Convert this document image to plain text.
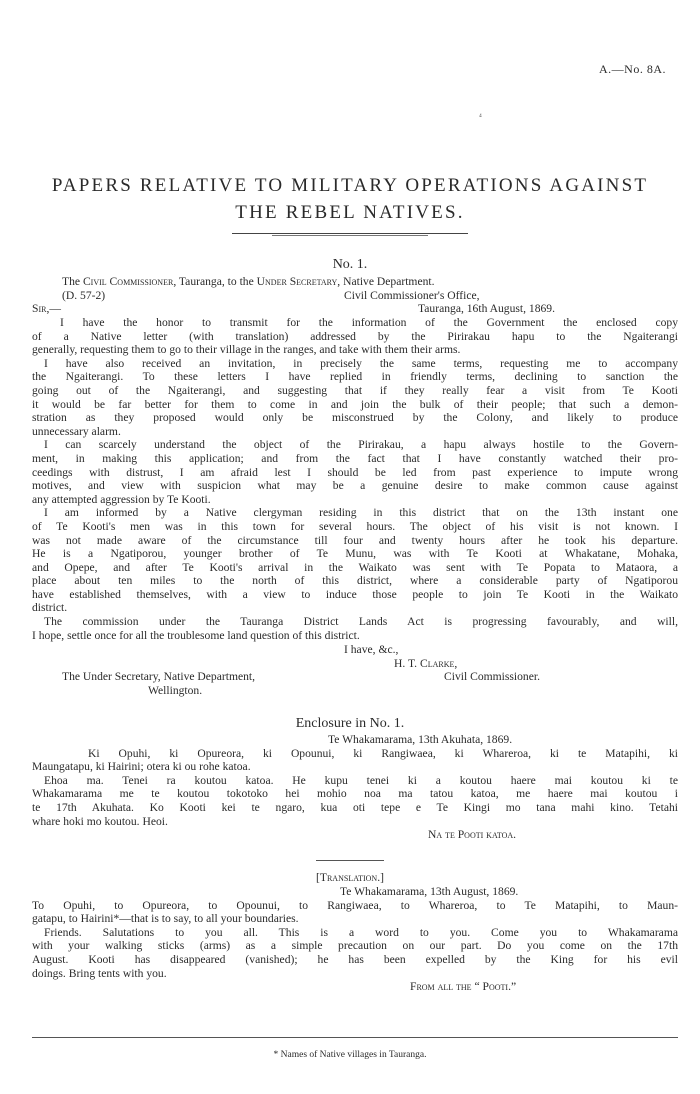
A.—No. 8A.
⁴
PAPERS RELATIVE TO MILITARY OPERATIONS AGAINST
THE REBEL NATIVES.
No. 1.
The Civil Commissioner, Tauranga, to the Under Secretary, Native Department.
(D. 57-2)	Civil Commissioner's Office,
Sir,—	Tauranga, 16th August, 1869.
I have the honor to transmit for the information of the Government the enclosed copy
of a Native letter (with translation) addressed by the Pirirakau hapu to the Ngaiterangi
generally, requesting them to go to their village in the ranges, and take with them their arms.
I have also received an invitation, in precisely the same terms, requesting me to accompany
the Ngaiterangi. To these letters I have replied in friendly terms, declining to sanction the
going out of the Ngaiterangi, and suggesting that if they really fear a visit from Te Kooti
it would be far better for them to come in and join the bulk of their people; that such a demon-
stration as they proposed would only be misconstrued by the Colony, and likely to produce
unnecessary alarm.
I can scarcely understand the object of the Pirirakau, a hapu always hostile to the Govern-
ment, in making this application; and from the fact that I have constantly watched their pro-
ceedings with distrust, I am afraid lest I should be led from past experience to impute wrong
motives, and view with suspicion what may be a genuine desire to make common cause against
any attempted aggression by Te Kooti.
I am informed by a Native clergyman residing in this district that on the 13th instant one
of Te Kooti's men was in this town for several hours. The object of his visit is not known. I
was not made aware of the circumstance till four and twenty hours after he took his departure.
He is a Ngatiporou, younger brother of Te Munu, was with Te Kooti at Whakatane, Mohaka,
and Opepe, and after Te Kooti's arrival in the Waikato was sent with Te Popata to Mataora, a
place about ten miles to the north of this district, where a considerable party of Ngatiporou
have established themselves, with a view to induce those people to join Te Kooti in the Waikato
district.
The commission under the Tauranga District Lands Act is progressing favourably, and will,
I hope, settle once for all the troublesome land question of this district.
I have, &c.,
H. T. Clarke,
The Under Secretary, Native Department,	Civil Commissioner.
Wellington.
Enclosure in No. 1.
Te Whakamarama, 13th Akuhata, 1869.
Ki Opuhi, ki Opureora, ki Opounui, ki Rangiwaea, ki Whareroa, ki te Matapihi, ki
Maungatapu, ki Hairini; otera ki ou rohe katoa.
Ehoa ma. Tenei ra koutou katoa. He kupu tenei ki a koutou haere mai koutou ki te
Whakamarama me te koutou tokotoko hei mohio noa ma tatou katoa, me haere mai koutou i
te 17th Akuhata. Ko Kooti kei te ngaro, kua oti tepe e Te Kingi mo tana mahi kino. Tetahi
whare hoki mo koutou. Heoi.
Na te Pooti katoa.
[Translation.]
Te Whakamarama, 13th August, 1869.
To Opuhi, to Opureora, to Opounui, to Rangiwaea, to Whareroa, to Te Matapihi, to Maun-
gatapu, to Hairini*—that is to say, to all your boundaries.
Friends. Salutations to you all. This is a word to you. Come you to Whakamarama
with your walking sticks (arms) as a simple precaution on our part. Do you come on the 17th
August. Kooti has disappeared (vanished); he has been expelled by the King for his evil
doings. Bring tents with you.
From all the “ Pooti.”
* Names of Native villages in Tauranga.
